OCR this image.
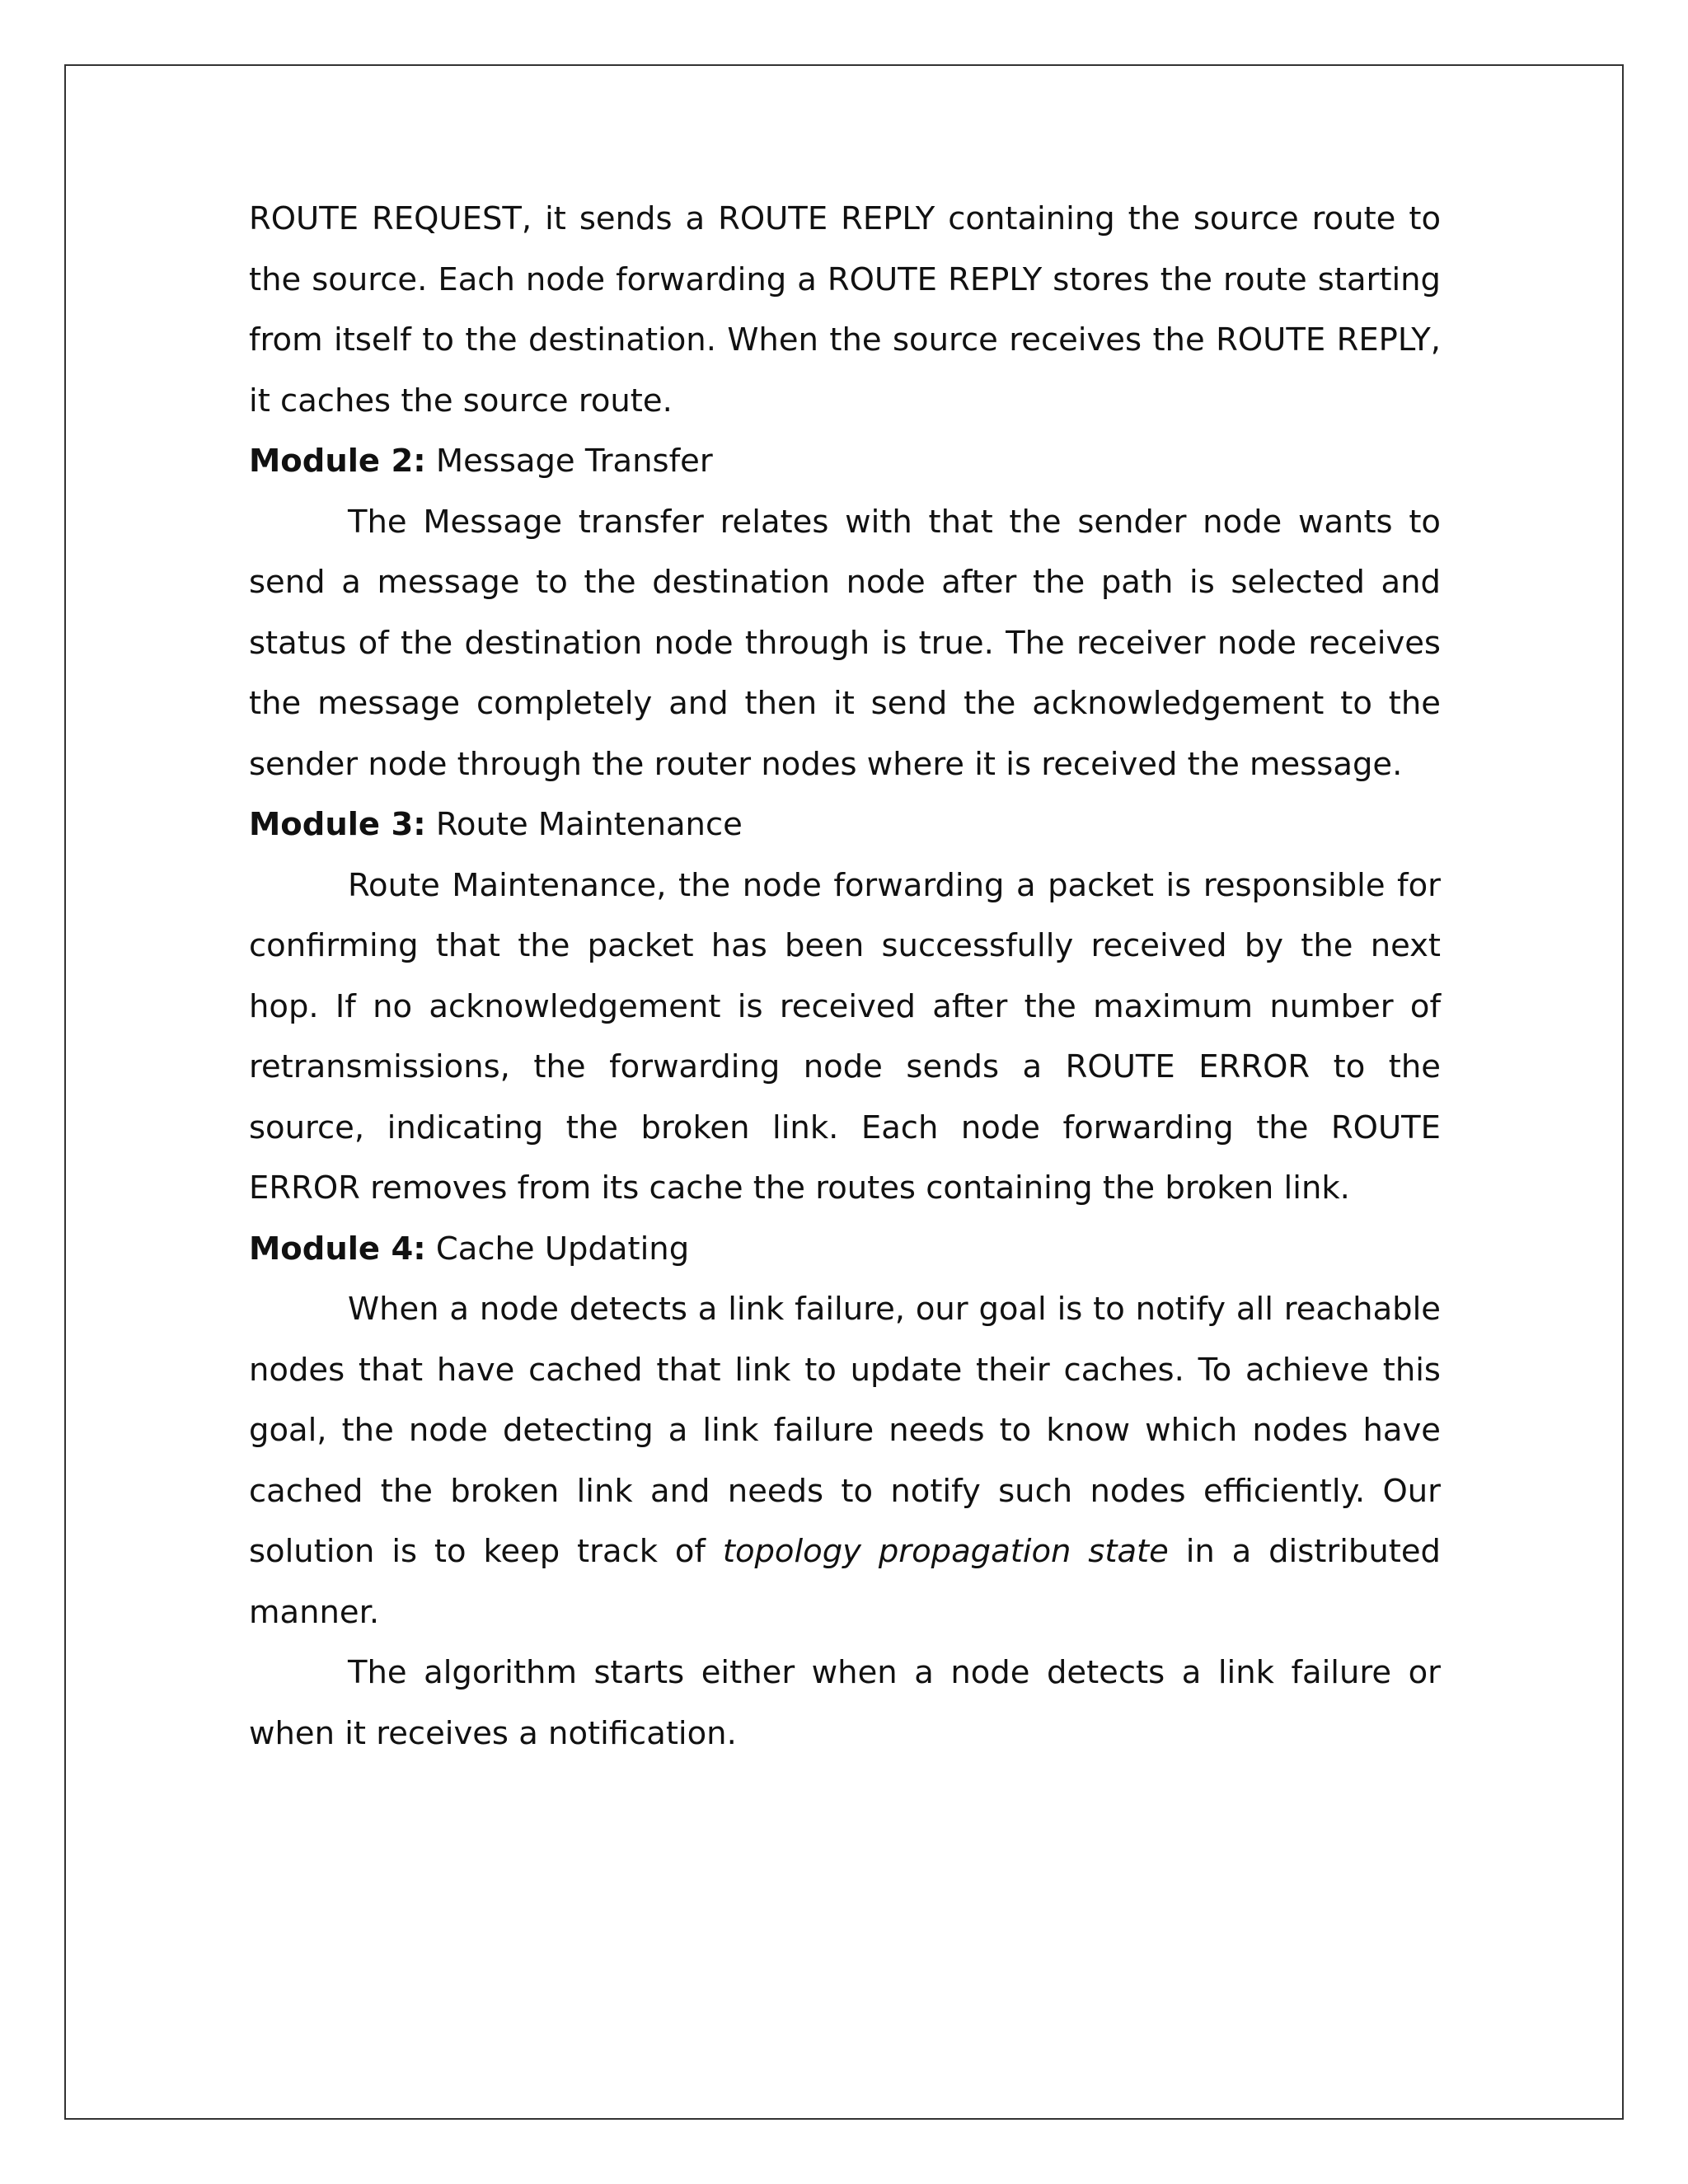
ROUTE REQUEST, it sends a ROUTE REPLY containing the source route to the source. Each node forwarding a ROUTE REPLY stores the route starting from itself to the destination. When the source receives the ROUTE REPLY, it caches the source route.

Module 2: Message Transfer

The Message transfer relates with that the sender node wants to send a message to the destination node after the path is selected and status of the destination node through is true. The receiver node receives the message completely and then it send the acknowledgement to the sender node through the router nodes where it is received the message.

Module 3: Route Maintenance

Route Maintenance, the node forwarding a packet is responsible for confirming that the packet has been successfully received by the next hop. If no acknowledgement is received after the maximum number of retransmissions, the forwarding node sends a ROUTE ERROR to the source, indicating the broken link. Each node forwarding the ROUTE ERROR removes from its cache the routes containing the broken link.

Module 4: Cache Updating

When a node detects a link failure, our goal is to notify all reachable nodes that have cached that link to update their caches. To achieve this goal, the node detecting a link failure needs to know which nodes have cached the broken link and needs to notify such nodes efficiently. Our solution is to keep track of topology propagation state in a distributed manner.

The algorithm starts either when a node detects a link failure or when it receives a notification.
